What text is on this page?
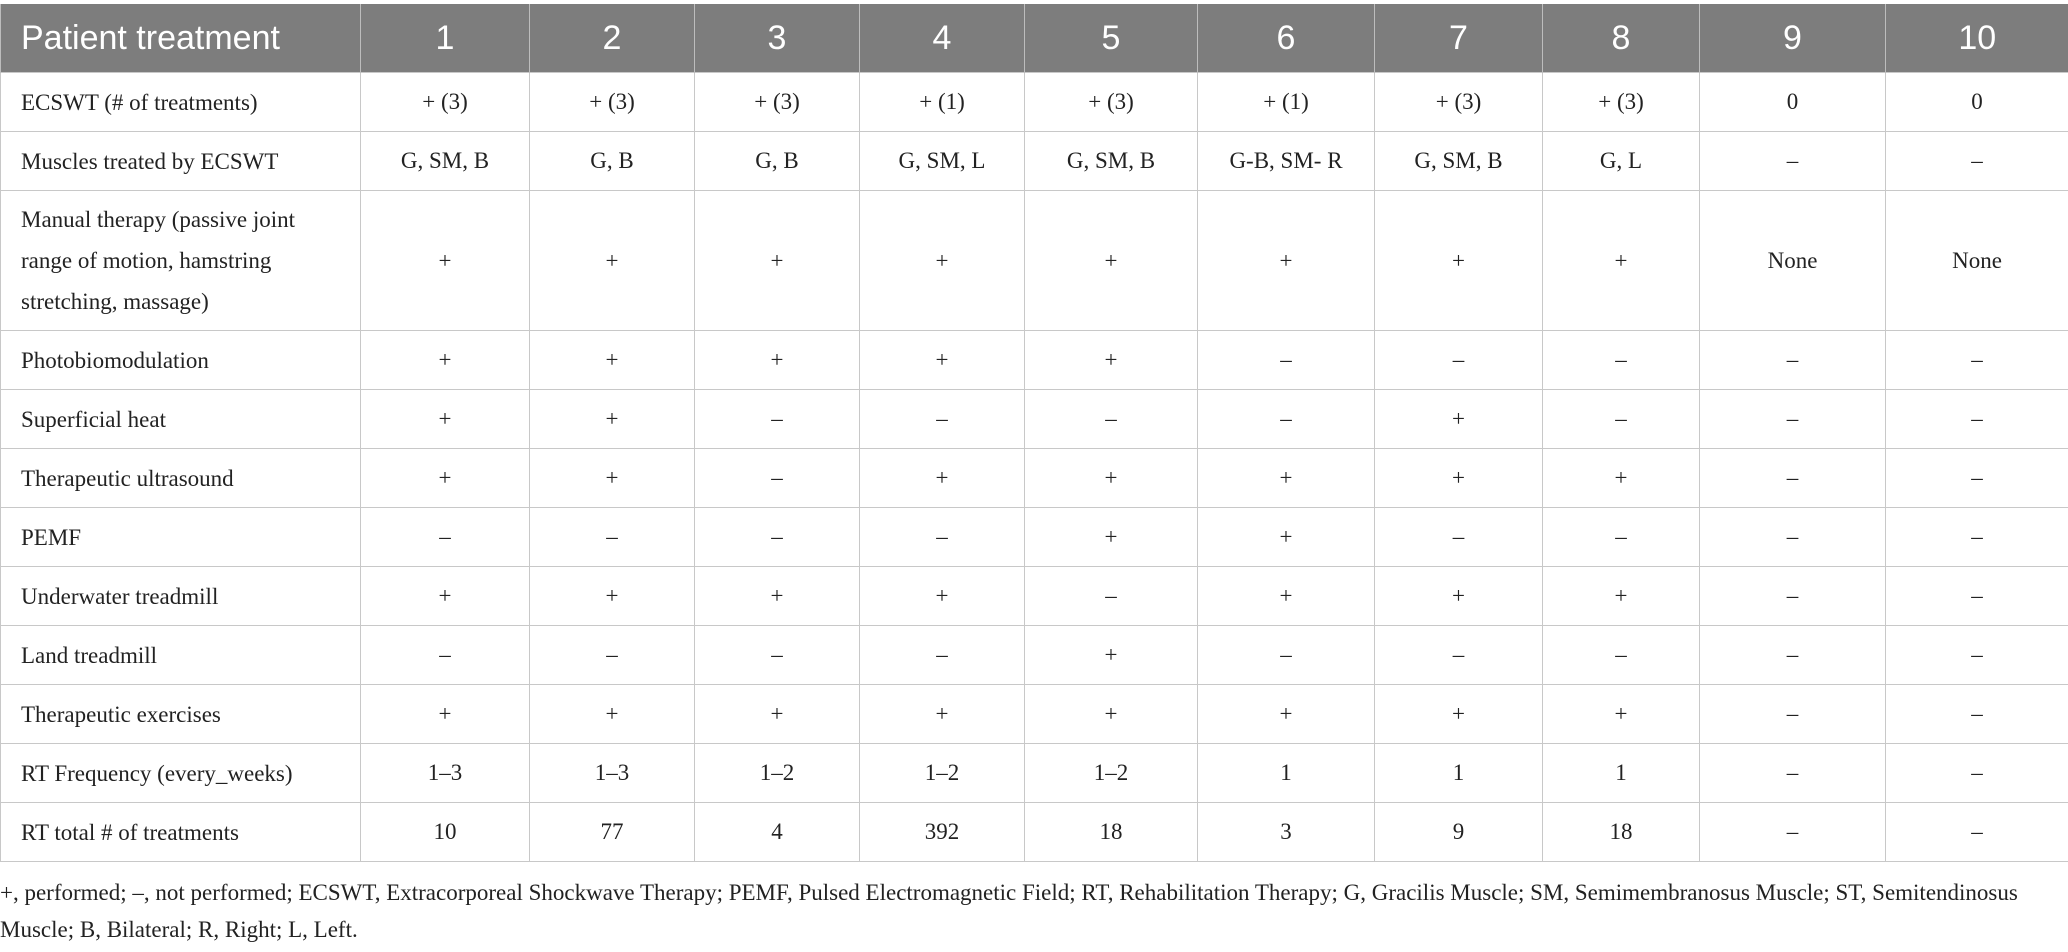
Patient treatment	1	2	3	4	5	6	7	8	9	10
ECSWT (# of treatments)	+ (3)	+ (3)	+ (3)	+ (1)	+ (3)	+ (1)	+ (3)	+ (3)	0	0
Muscles treated by ECSWT	G, SM, B	G, B	G, B	G, SM, L	G, SM, B	G-B, SM- R	G, SM, B	G, L	–	–
Manual therapy (passive joint range of motion, hamstring stretching, massage)	+	+	+	+	+	+	+	+	None	None
Photobiomodulation	+	+	+	+	+	–	–	–	–	–
Superficial heat	+	+	–	–	–	–	+	–	–	–
Therapeutic ultrasound	+	+	–	+	+	+	+	+	–	–
PEMF	–	–	–	–	+	+	–	–	–	–
Underwater treadmill	+	+	+	+	–	+	+	+	–	–
Land treadmill	–	–	–	–	+	–	–	–	–	–
Therapeutic exercises	+	+	+	+	+	+	+	+	–	–
RT Frequency (every_weeks)	1–3	1–3	1–2	1–2	1–2	1	1	1	–	–
RT total # of treatments	10	77	4	392	18	3	9	18	–	–
+, performed; –, not performed; ECSWT, Extracorporeal Shockwave Therapy; PEMF, Pulsed Electromagnetic Field; RT, Rehabilitation Therapy; G, Gracilis Muscle; SM, Semimembranosus Muscle; ST, Semitendinosus Muscle; B, Bilateral; R, Right; L, Left.
